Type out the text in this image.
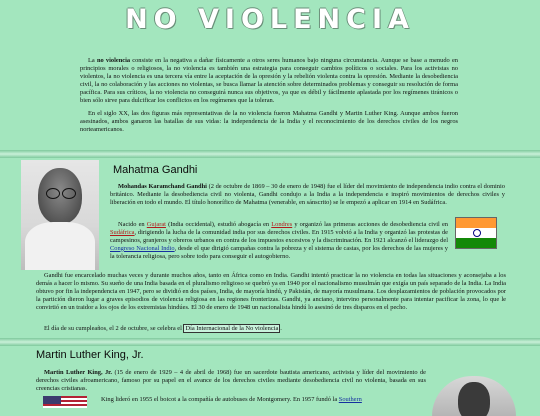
NO VIOLENCIA

La no violencia consiste en la negativa a dañar físicamente a otros seres humanos bajo ninguna circunstancia. Aunque se base a menudo en principios morales o religiosos, la no violencia es también una estrategia para conseguir cambios políticos o sociales. Para los activistas no violentos, la no violencia es una tercera vía entre la aceptación de la opresión y la rebelión violenta contra la opresión. Mediante la desobediencia civil, la no colaboración y las acciones no violentas, se busca llamar la atención sobre determinados problemas y conseguir su resolución de forma pacífica. Para sus críticos, la no violencia no conseguirá nunca sus objetivos, ya que es débil y fácilmente aplastada por los regímenes tiránicos o bien sólo sirve para dulcificar los conflictos en los regímenes que la toleran.

En el siglo XX, las dos figuras más representativas de la no violencia fueron Mahatma Gandhi y Martin Luther King. Aunque ambos fueron asesinados, ambos ganaron las batallas de sus vidas: la independencia de la India y el reconocimiento de los derechos civiles de los negros norteamericanos.

Mahatma Gandhi

Mohandas Karamchand Gandhi (2 de octubre de 1869 – 30 de enero de 1948) fue el líder del movimiento de independencia indio contra el dominio británico. Mediante la desobediencia civil no violenta, Gandhi condujo a la India a la independencia e inspiró movimientos de derechos civiles y liberación en todo el mundo. El título honorífico de Mahatma (venerable, en sánscrito) se le empezó a aplicar en 1914 en Sudáfrica.

Nacido en Gujarat (India occidental), estudió abogacía en Londres y organizó las primeras acciones de desobediencia civil en Sudáfrica, dirigiendo la lucha de la comunidad india por sus derechos civiles. En 1915 volvió a la India y organizó las protestas de campesinos, granjeros y obreros urbanos en contra de los impuestos excesivos y la discriminación. En 1921 alcanzó el liderazgo del Congreso Nacional Indio, desde el que dirigió campañas contra la pobreza y el sistema de castas, por los derechos de las mujeres y la tolerancia religiosa, pero sobre todo para conseguir el autogobierno.

Gandhi fue encarcelado muchas veces y durante muchos años, tanto en África como en India. Gandhi intentó practicar la no violencia en todas las situaciones y aconsejaba a los demás a hacer lo mismo. Su sueño de una India basada en el pluralismo religioso se quebró ya en 1940 por el nacionalismo musulmán que exigía un país separado de la India. La India obtuvo por fin la independencia en 1947, pero se dividió en dos países, India, de mayoría hindú, y Pakistán, de mayoría musulmana. Los desplazamientos de población provocados por la partición dieron lugar a graves episodios de violencia religiosa en las regiones fronterizas. Gandhi, ya anciano, intervino personalmente para intentar pacificar la zona, lo que le convirtió en un traidor a los ojos de los extremistas hindúes. El 30 de enero de 1948 un nacionalista hindú lo asesinó de tres disparos en el pecho.

El día de su cumpleaños, el 2 de octubre, se celebra el Día Internacional de la No violencia .

Martin Luther King, Jr.

Martin Luther King, Jr. (15 de enero de 1929 – 4 de abril de 1968) fue un sacerdote bautista americano, activista y líder del movimiento de derechos civiles afroamericano, famoso por su papel en el avance de los derechos civiles mediante desobediencia civil no violenta, basada en sus creencias cristianas.

King lideró en 1955 el boicot a la compañía de autobuses de Montgomery. En 1957 fundó la Southern
